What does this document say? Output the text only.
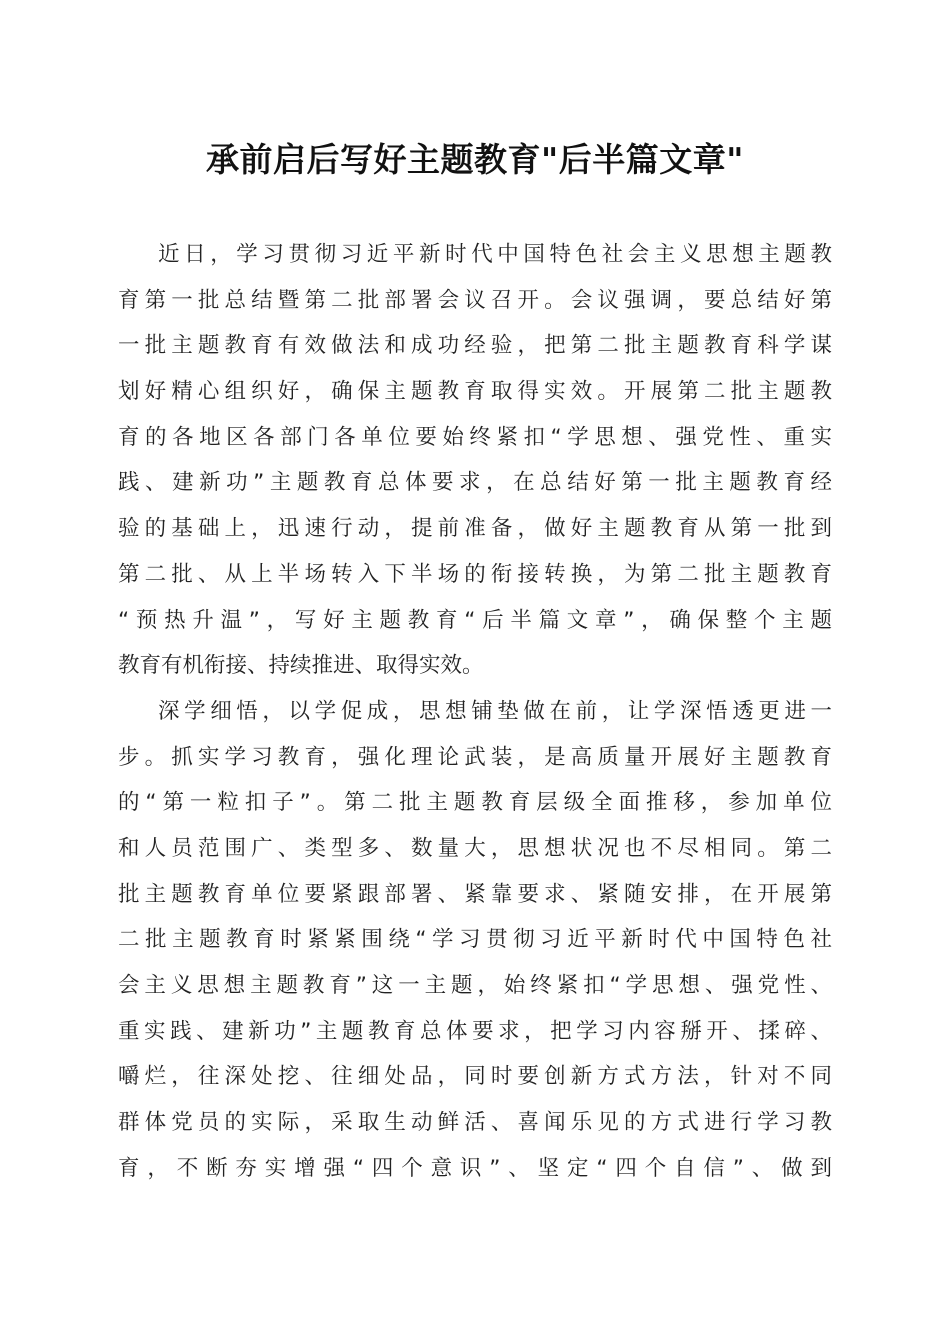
承前启后写好主题教育"后半篇文章"
近日，学习贯彻习近平新时代中国特色社会主义思想主题教
育第一批总结暨第二批部署会议召开。会议强调，要总结好第
一批主题教育有效做法和成功经验，把第二批主题教育科学谋
划好精心组织好，确保主题教育取得实效。开展第二批主题教
育的各地区各部门各单位要始终紧扣“学思想、强党性、重实
践、建新功”主题教育总体要求，在总结好第一批主题教育经
验的基础上，迅速行动，提前准备，做好主题教育从第一批到
第二批、从上半场转入下半场的衔接转换，为第二批主题教育
“预热升温”，写好主题教育“后半篇文章”，确保整个主题
教育有机衔接、持续推进、取得实效。
深学细悟，以学促成，思想铺垫做在前，让学深悟透更进一
步。抓实学习教育，强化理论武装，是高质量开展好主题教育
的“第一粒扣子”。第二批主题教育层级全面推移，参加单位
和人员范围广、类型多、数量大，思想状况也不尽相同。第二
批主题教育单位要紧跟部署、紧靠要求、紧随安排，在开展第
二批主题教育时紧紧围绕“学习贯彻习近平新时代中国特色社
会主义思想主题教育”这一主题，始终紧扣“学思想、强党性、
重实践、建新功”主题教育总体要求，把学习内容掰开、揉碎、
嚼烂，往深处挖、往细处品，同时要创新方式方法，针对不同
群体党员的实际，采取生动鲜活、喜闻乐见的方式进行学习教
育，不断夯实增强“四个意识”、坚定“四个自信”、做到
